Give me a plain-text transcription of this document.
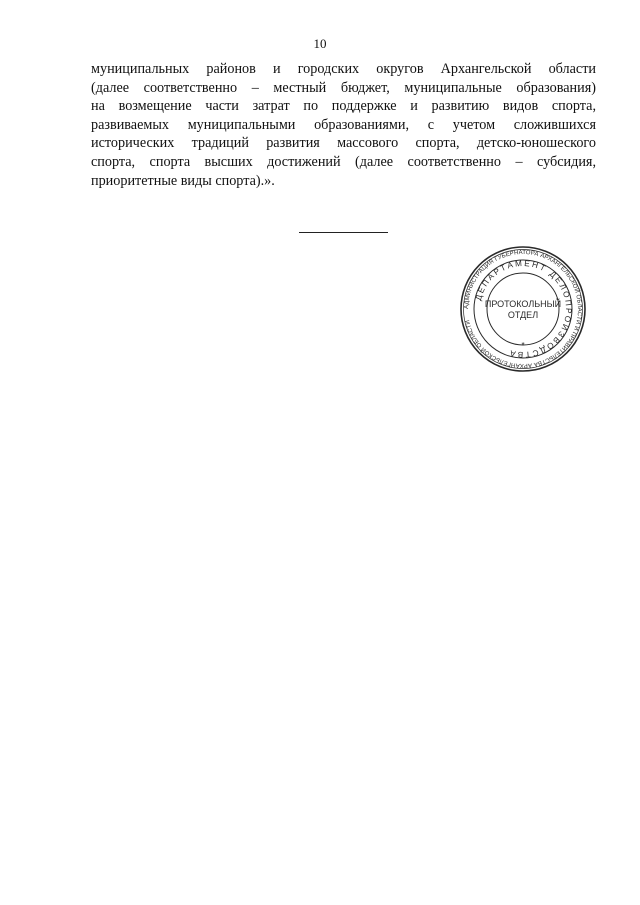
10
муниципальных районов и городских округов Архангельской области
(далее соответственно – местный бюджет, муниципальные образования)
на возмещение части затрат по поддержке и развитию видов спорта,
развиваемых муниципальными образованиями, с учетом сложившихся
исторических традиций развития массового спорта, детско-юношеского
спорта, спорта высших достижений (далее соответственно – субсидия,
приоритетные виды спорта).».
АДМИНИСТРАЦИЯ ГУБЕРНАТОРА АРХАНГЕЛЬСКОЙ ОБЛАСТИ И ПРАВИТЕЛЬСТВА АРХАНГЕЛЬСКОЙ ОБЛАСТИ
ДЕПАРТАМЕНТ ДЕЛОПРОИЗВОДСТВА
ПРОТОКОЛЬНЫЙ
ОТДЕЛ
*
